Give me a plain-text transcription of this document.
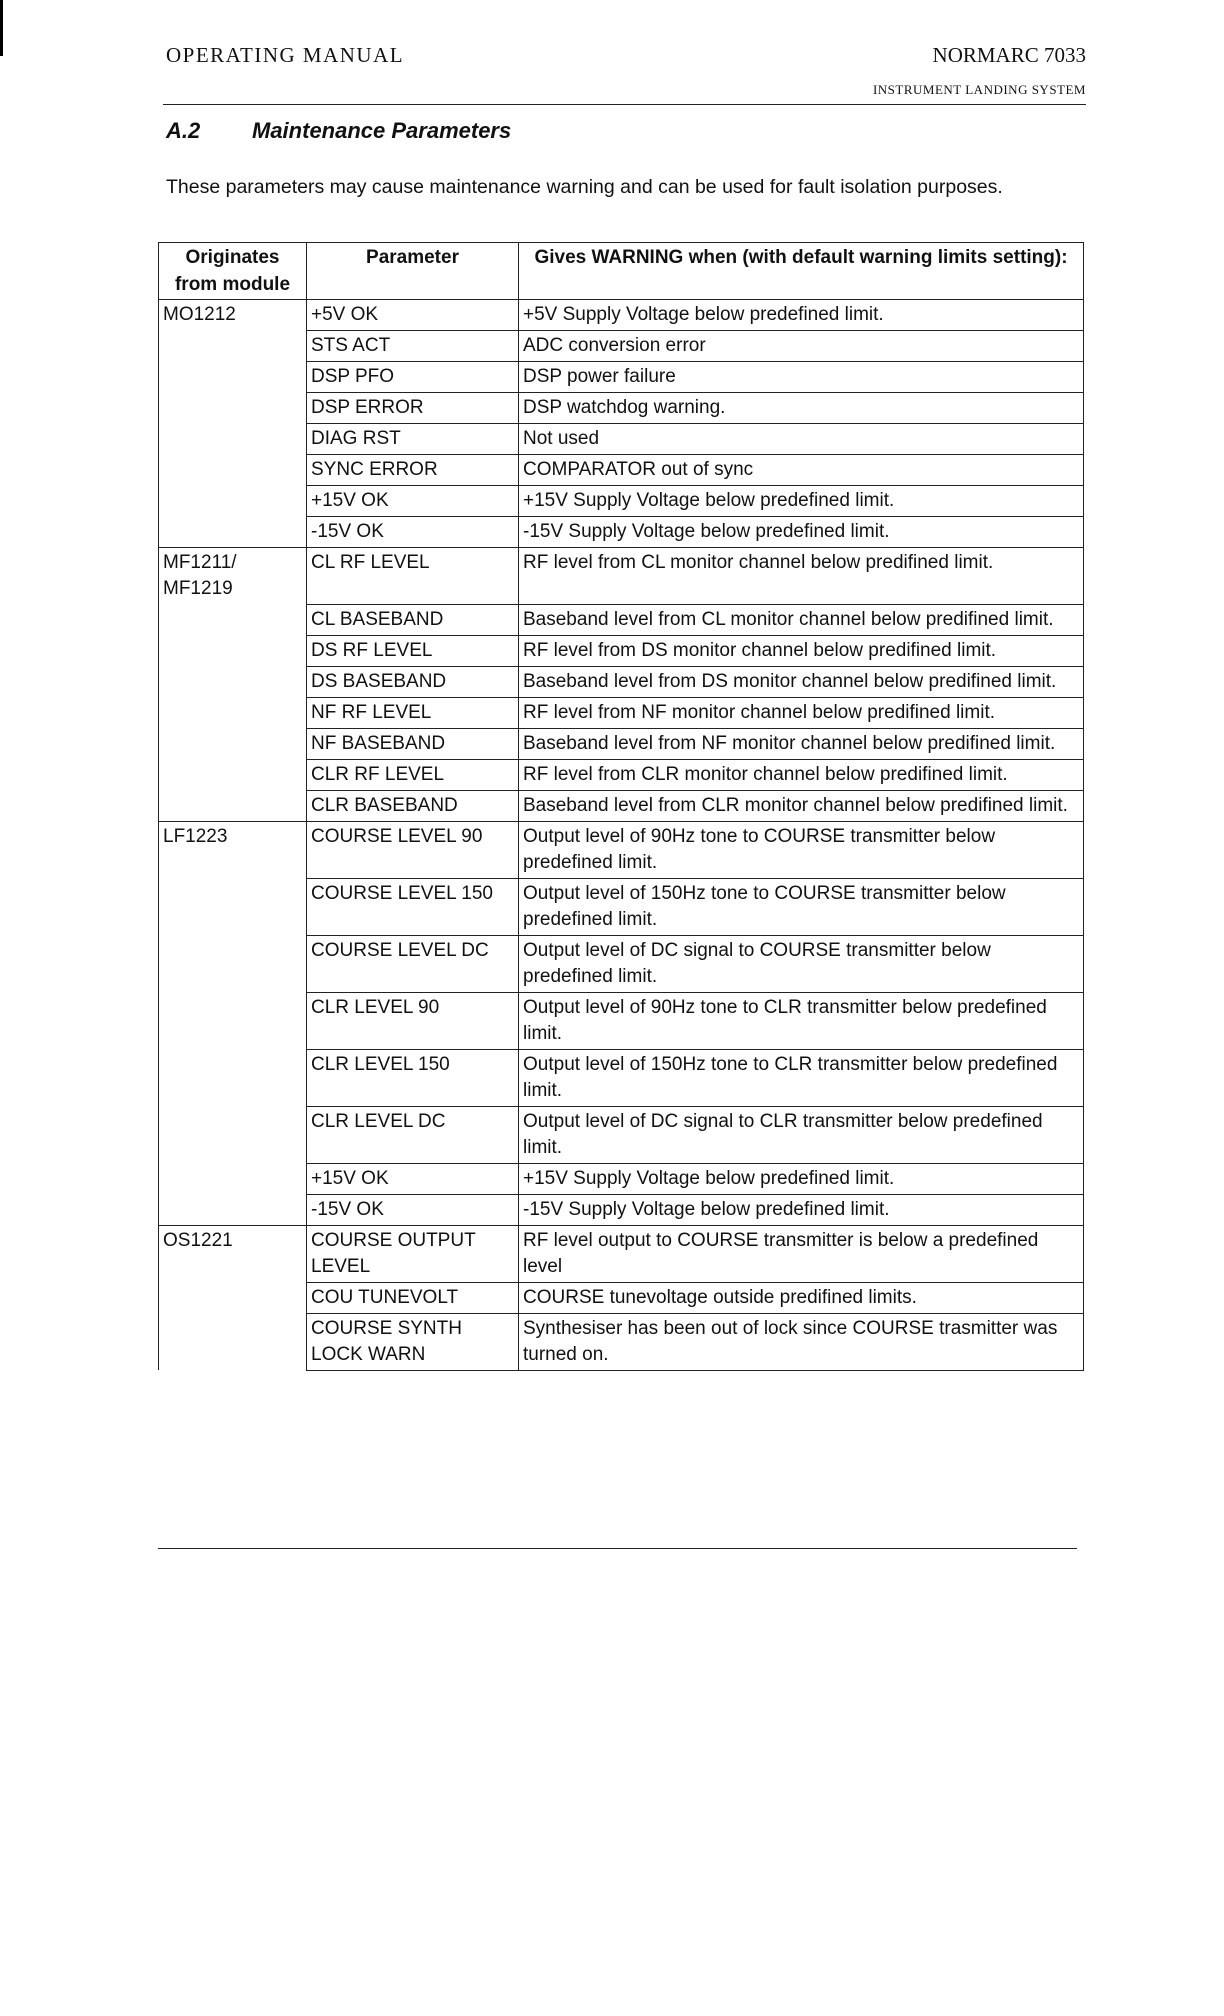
OPERATING MANUAL	NORMARC 7033
INSTRUMENT LANDING SYSTEM
A.2 Maintenance Parameters

These parameters may cause maintenance warning and can be used for fault isolation purposes.

Originates from module	Parameter	Gives WARNING when (with default warning limits setting):
MO1212	+5V OK	+5V Supply Voltage below predefined limit.
	STS ACT	ADC conversion error
	DSP PFO	DSP power failure
	DSP ERROR	DSP watchdog warning.
	DIAG RST	Not used
	SYNC ERROR	COMPARATOR out of sync
	+15V OK	+15V Supply Voltage below predefined limit.
	-15V OK	-15V Supply Voltage below predefined limit.
MF1211/ MF1219	CL RF LEVEL	RF level from CL monitor channel below predifined limit.
	CL BASEBAND	Baseband level from CL monitor channel below predifined limit.
	DS RF LEVEL	RF level from DS monitor channel below predifined limit.
	DS BASEBAND	Baseband level from DS monitor channel below predifined limit.
	NF RF LEVEL	RF level from NF monitor channel below predifined limit.
	NF BASEBAND	Baseband level from NF monitor channel below predifined limit.
	CLR RF LEVEL	RF level from CLR monitor channel below predifined limit.
	CLR BASEBAND	Baseband level from CLR monitor channel below predifined limit.
LF1223	COURSE LEVEL 90	Output level of 90Hz tone to COURSE transmitter below predefined limit.
	COURSE LEVEL 150	Output level of 150Hz tone to COURSE transmitter below predefined limit.
	COURSE LEVEL DC	Output level of DC signal to COURSE transmitter below predefined limit.
	CLR LEVEL 90	Output level of 90Hz tone to CLR transmitter below predefined limit.
	CLR LEVEL 150	Output level of 150Hz tone to CLR transmitter below predefined limit.
	CLR LEVEL DC	Output level of DC signal to CLR transmitter below predefined limit.
	+15V OK	+15V Supply Voltage below predefined limit.
	-15V OK	-15V Supply Voltage below predefined limit.
OS1221	COURSE OUTPUT LEVEL	RF level output to COURSE transmitter is below a predefined level
	COU TUNEVOLT	COURSE tunevoltage outside predifined limits.
	COURSE SYNTH LOCK WARN	Synthesiser has been out of lock since COURSE trasmitter was turned on.
